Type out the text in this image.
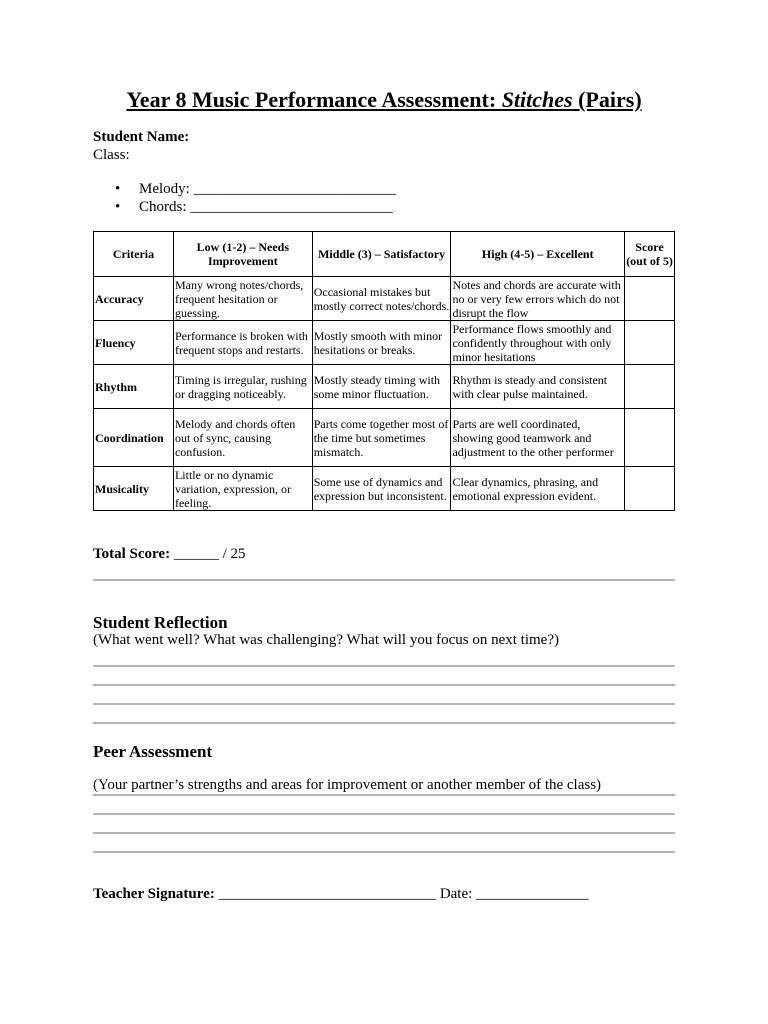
Year 8 Music Performance Assessment: Stitches (Pairs)
Student Name:
Class:
• Melody: ___________________________
• Chords: ___________________________
Criteria	Low (1-2) – Needs Improvement	Middle (3) – Satisfactory	High (4-5) – Excellent	Score (out of 5)
Accuracy	Many wrong notes/chords, frequent hesitation or guessing.	Occasional mistakes but mostly correct notes/chords.	Notes and chords are accurate with no or very few errors which do not disrupt the flow	
Fluency	Performance is broken with frequent stops and restarts.	Mostly smooth with minor hesitations or breaks.	Performance flows smoothly and confidently throughout with only minor hesitations	
Rhythm	Timing is irregular, rushing or dragging noticeably.	Mostly steady timing with some minor fluctuation.	Rhythm is steady and consistent with clear pulse maintained.	
Coordination	Melody and chords often out of sync, causing confusion.	Parts come together most of the time but sometimes mismatch.	Parts are well coordinated, showing good teamwork and adjustment to the other performer	
Musicality	Little or no dynamic variation, expression, or feeling.	Some use of dynamics and expression but inconsistent.	Clear dynamics, phrasing, and emotional expression evident.	
Total Score: ______ / 25
Student Reflection
(What went well? What was challenging? What will you focus on next time?)
Peer Assessment
(Your partner’s strengths and areas for improvement or another member of the class)
Teacher Signature: _____________________________ Date: _______________
